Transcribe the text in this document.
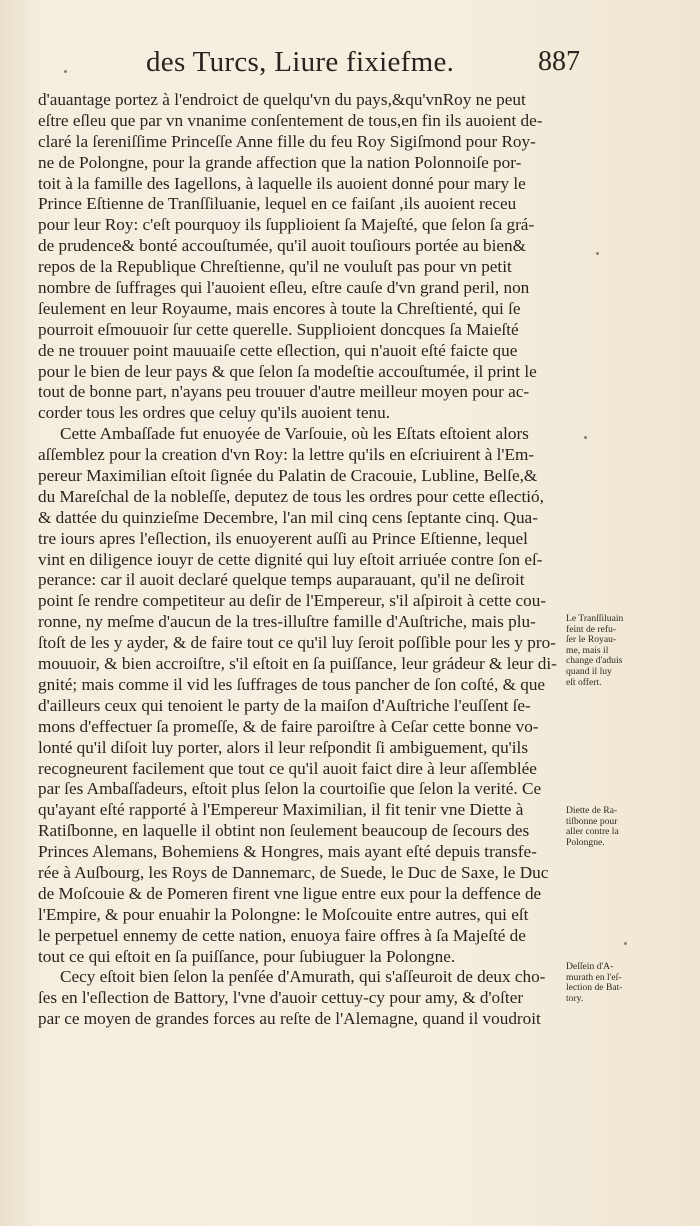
des Turcs, Liure fixiefme.	887
d'auantage portez à l'endroict de quelqu'vn du pays,&qu'vnRoy ne peut
eſtre eſleu que par vn vnanime conſentement de tous,en fin ils auoient de-
claré la ſereniſſime Princeſſe Anne fille du feu Roy Sigiſmond pour Roy-
ne de Polongne, pour la grande affection que la nation Polonnoiſe por-
toit à la famille des Iagellons, à laquelle ils auoient donné pour mary le
Prince Eſtienne de Tranſſiluanie, lequel en ce faiſant ,ils auoient receu
pour leur Roy: c'eſt pourquoy ils ſupplioient ſa Majeſté, que ſelon ſa grá-
de prudence& bonté accouſtumée, qu'il auoit touſiours portée au bien&
repos de la Republique Chreſtienne, qu'il ne vouluſt pas pour vn petit
nombre de ſuffrages qui l'auoient eſleu, eſtre cauſe d'vn grand peril, non
ſeulement en leur Royaume, mais encores à toute la Chreſtienté, qui ſe
pourroit eſmouuoir ſur cette querelle. Supplioient doncques ſa Maieſté
de ne trouuer point mauuaiſe cette eſlection, qui n'auoit eſté faicte que
pour le bien de leur pays & que ſelon ſa modeſtie accouſtumée, il print le
tout de bonne part, n'ayans peu trouuer d'autre meilleur moyen pour ac-
corder tous les ordres que celuy qu'ils auoient tenu.
Cette Ambaſſade fut enuoyée de Varſouie, où les Eſtats eſtoient alors
aſſemblez pour la creation d'vn Roy: la lettre qu'ils en eſcriuirent à l'Em-
pereur Maximilian eſtoit ſignée du Palatin de Cracouie, Lubline, Belſe,&
du Mareſchal de la nobleſſe, deputez de tous les ordres pour cette eſlectió,
& dattée du quinzieſme Decembre, l'an mil cinq cens ſeptante cinq. Qua-
tre iours apres l'eſlection, ils enuoyerent auſſi au Prince Eſtienne, lequel
vint en diligence iouyr de cette dignité qui luy eſtoit arriuée contre ſon eſ-
perance: car il auoit declaré quelque temps auparauant, qu'il ne deſiroit
point ſe rendre competiteur au deſir de l'Empereur, s'il aſpiroit à cette cou-
ronne, ny meſme d'aucun de la tres-illuſtre famille d'Auſtriche, mais plu-
ſtoſt de les y ayder, & de faire tout ce qu'il luy ſeroit poſſible pour les y pro-
mouuoir, & bien accroiſtre, s'il eſtoit en ſa puiſſance, leur grádeur & leur di-
gnité; mais comme il vid les ſuffrages de tous pancher de ſon coſté, & que
d'ailleurs ceux qui tenoient le party de la maiſon d'Auſtriche l'euſſent ſe-
mons d'effectuer ſa promeſſe, & de faire paroiſtre à Ceſar cette bonne vo-
lonté qu'il diſoit luy porter, alors il leur reſpondit ſi ambiguement, qu'ils
recogneurent facilement que tout ce qu'il auoit faict dire à leur aſſemblée
par ſes Ambaſſadeurs, eſtoit plus ſelon la courtoiſie que ſelon la verité. Ce
qu'ayant eſté rapporté à l'Empereur Maximilian, il fit tenir vne Diette à
Ratiſbonne, en laquelle il obtint non ſeulement beaucoup de ſecours des
Princes Alemans, Bohemiens & Hongres, mais ayant eſté depuis transfe-
rée à Auſbourg, les Roys de Dannemarc, de Suede, le Duc de Saxe, le Duc
de Moſcouie & de Pomeren firent vne ligue entre eux pour la deffence de
l'Empire, & pour enuahir la Polongne: le Moſcouite entre autres, qui eſt
le perpetuel ennemy de cette nation, enuoya faire offres à ſa Majeſté de
tout ce qui eſtoit en ſa puiſſance, pour ſubiuguer la Polongne.
Cecy eſtoit bien ſelon la penſée d'Amurath, qui s'aſſeuroit de deux cho-
ſes en l'eſlection de Battory, l'vne d'auoir cettuy-cy pour amy, & d'oſter
par ce moyen de grandes forces au reſte de l'Alemagne, quand il voudroit
Le Tranſſiluain
feint de refu-
ſer le Royau-
me, mais il
change d'aduis
quand il luy
eſt offert.
Diette de Ra-
tiſbonne pour
aller contre la
Polongne.
Deſſein d'A-
murath en l'eſ-
lection de Bat-
tory.
